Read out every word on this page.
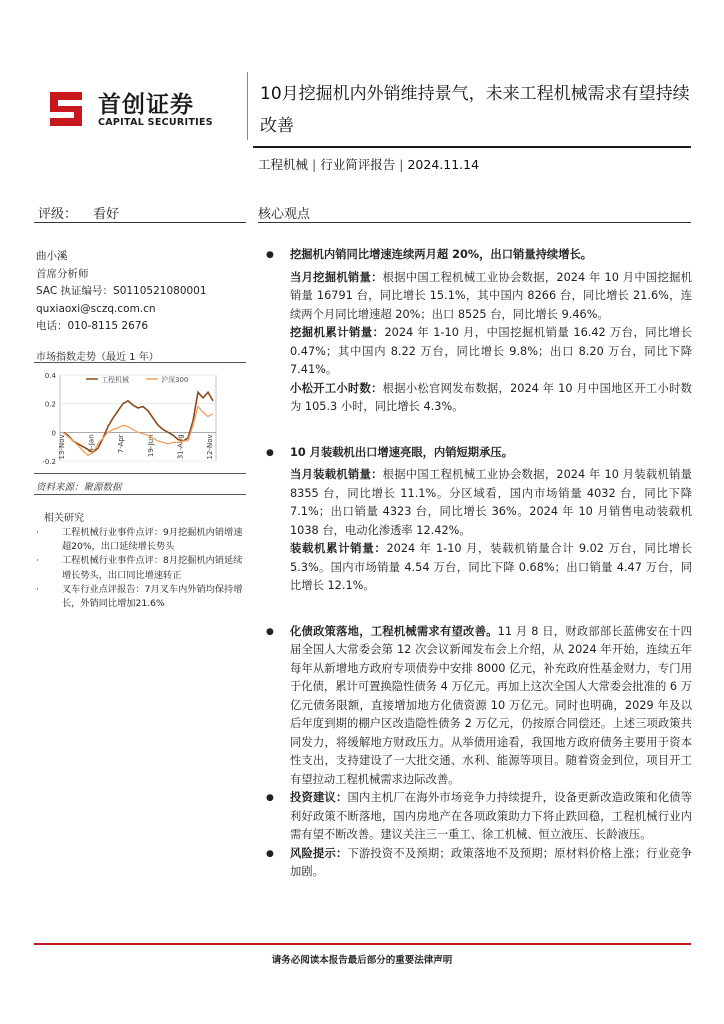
首创证券
CAPITAL SECURITIES
10月挖掘机内外销维持景气，未来工程机械需求有望持续改善
工程机械 | 行业简评报告 | 2024.11.14
评级： 看好	核心观点
曲小溪
首席分析师
SAC 执证编号：S0110521080001
quxiaoxi@sczq.com.cn
电话：010-8115 2676
市场指数走势（最近 1 年）
0.4
0.2
0
-0.2
13-Nov	5-Jan	7-Apr	19-Jun	31-Aug	12-Nov
工程机械	沪深300
资料来源：聚源数据
相关研究
· 工程机械行业事件点评：9月挖掘机内销增速超20%，出口延续增长势头
· 工程机械行业事件点评：8月挖掘机内销延续增长势头，出口同比增速转正
· 叉车行业点评报告：7月叉车内外销均保持增长，外销同比增加21.6%
● 挖掘机内销同比增速连续两月超 20%，出口销量持续增长。
当月挖掘机销量：根据中国工程机械工业协会数据，2024 年 10 月中国挖掘机销量 16791 台，同比增长 15.1%，其中国内 8266 台，同比增长 21.6%，连续两个月同比增速超 20%；出口 8525 台，同比增长 9.46%。
挖掘机累计销量：2024 年 1-10 月，中国挖掘机销量 16.42 万台，同比增长 0.47%；其中国内 8.22 万台，同比增长 9.8%；出口 8.20 万台，同比下降 7.41%。
小松开工小时数：根据小松官网发布数据，2024 年 10 月中国地区开工小时数为 105.3 小时，同比增长 4.3%。
● 10 月装载机出口增速亮眼，内销短期承压。
当月装载机销量：根据中国工程机械工业协会数据，2024 年 10 月装载机销量 8355 台，同比增长 11.1%。分区域看，国内市场销量 4032 台，同比下降 7.1%；出口销量 4323 台，同比增长 36%。2024 年 10 月销售电动装载机 1038 台，电动化渗透率 12.42%。
装载机累计销量：2024 年 1-10 月，装载机销量合计 9.02 万台，同比增长 5.3%。国内市场销量 4.54 万台，同比下降 0.68%；出口销量 4.47 万台，同比增长 12.1%。
● 化债政策落地，工程机械需求有望改善。11 月 8 日，财政部部长蓝佛安在十四届全国人大常委会第 12 次会议新闻发布会上介绍，从 2024 年开始，连续五年每年从新增地方政府专项债券中安排 8000 亿元，补充政府性基金财力，专门用于化债，累计可置换隐性债务 4 万亿元。再加上这次全国人大常委会批准的 6 万亿元债务限额，直接增加地方化债资源 10 万亿元。同时也明确，2029 年及以后年度到期的棚户区改造隐性债务 2 万亿元，仍按原合同偿还。上述三项政策共同发力，将缓解地方财政压力。从举债用途看，我国地方政府债务主要用于资本性支出，支持建设了一大批交通、水利、能源等项目。随着资金到位，项目开工有望拉动工程机械需求边际改善。
● 投资建议：国内主机厂在海外市场竞争力持续提升，设备更新改造政策和化债等利好政策不断落地，国内房地产在各项政策助力下将止跌回稳，工程机械行业内需有望不断改善。建议关注三一重工、徐工机械、恒立液压、长龄液压。
● 风险提示：下游投资不及预期；政策落地不及预期；原材料价格上涨；行业竞争加剧。
请务必阅读本报告最后部分的重要法律声明
